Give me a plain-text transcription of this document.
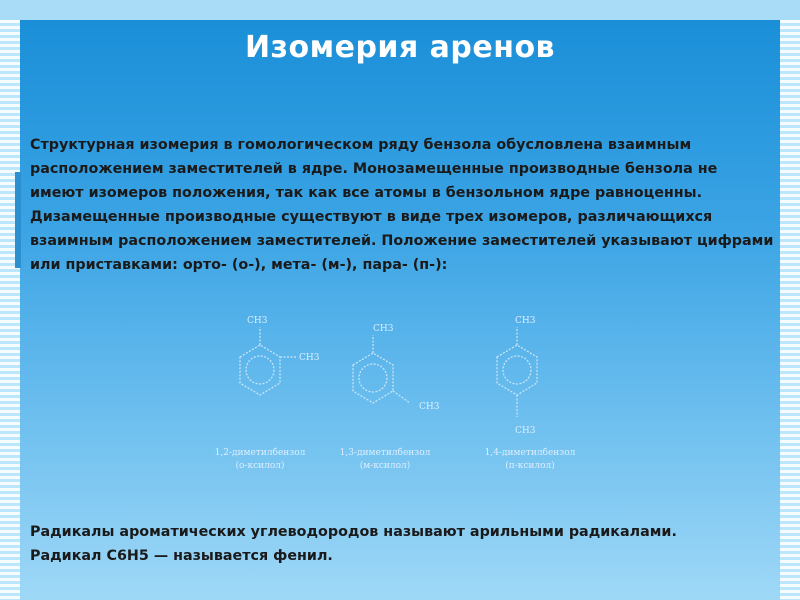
Изомерия аренов
Структурная изомерия в гомологическом ряду бензола обусловлена взаимным расположением заместителей в ядре. Монозамещенные производные бензола не имеют изомеров положения, так как все атомы в бензольном ядре равноценны. Дизамещенные производные существуют в виде трех изомеров, различающихся взаимным расположением заместителей. Положение заместителей указывают цифрами или приставками: орто- (о-), мета- (м-), пара- (п-):
CH3
CH3
CH3
CH3
CH3
CH3
1,2-диметилбензол
(о-ксилол)
1,3-диметилбензол
(м-ксилол)
1,4-диметилбензол
(п-ксилол)
Радикалы ароматических углеводородов называют арильными радикалами.
Радикал C6H5 — называется фенил.
